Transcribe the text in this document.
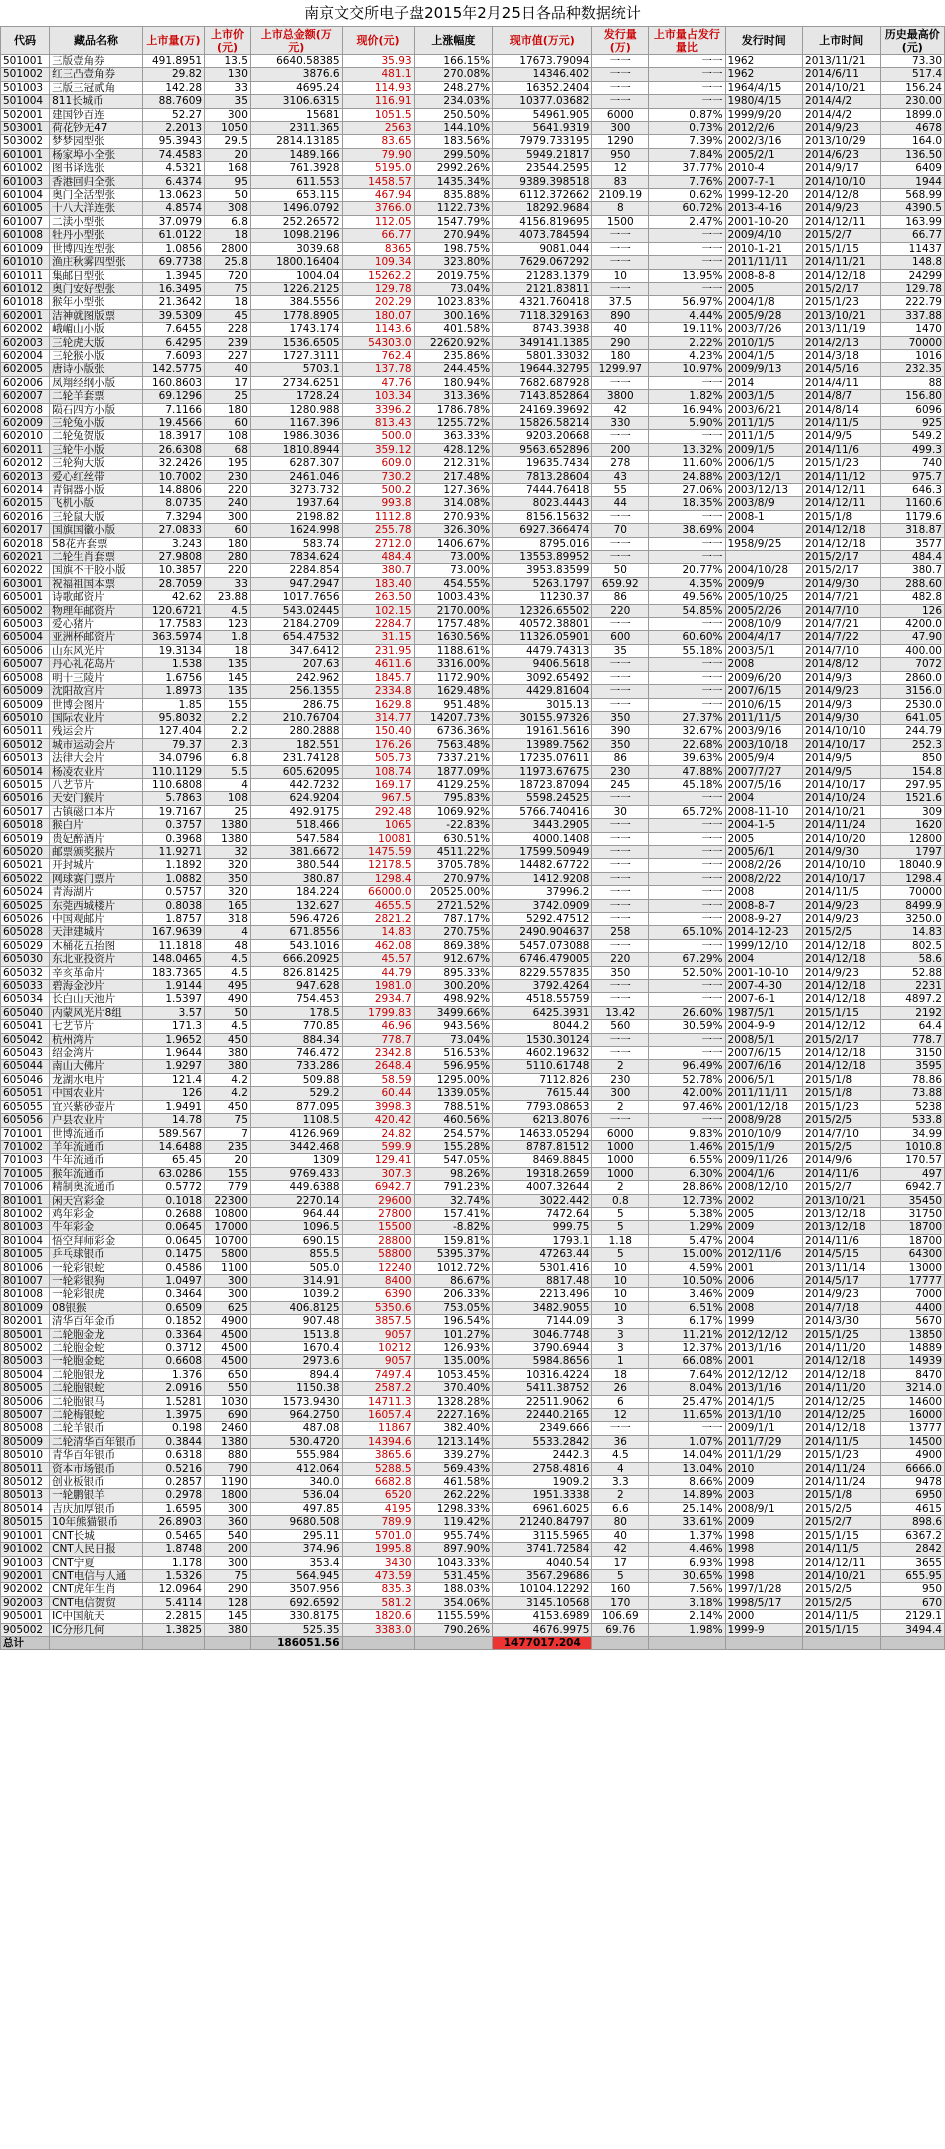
南京文交所电子盘2015年2月25日各品种数据统计
代码	藏品名称	上市量(万)	上市价(元)	上市总金额(万元)	现价(元)	上涨幅度	现市值(万元)	发行量(万)	上市量占发行量比	发行时间	上市时间	历史最高价(元)
501001	三版壹角券	491.8951	13.5	6640.58385	35.93	166.15%	17673.79094	一一	一一	1962	2013/11/21	73.30
501002	红三凸壹角券	29.82	130	3876.6	481.1	270.08%	14346.402	一一	一一	1962	2014/6/11	517.4
501003	三版三冠贰角	142.28	33	4695.24	114.93	248.27%	16352.2404	一一	一一	1964/4/15	2014/10/21	156.24
501004	811长城币	88.7609	35	3106.6315	116.91	234.03%	10377.03682	一一	一一	1980/4/15	2014/4/2	230.00
502001	建国钞百连	52.27	300	15681	1051.5	250.50%	54961.905	6000	0.87%	1999/9/20	2014/4/2	1899.0
503001	荷花钞无47	2.2013	1050	2311.365	2563	144.10%	5641.9319	300	0.73%	2012/2/6	2014/9/23	4678
503002	梦梦园型张	95.3943	29.5	2814.13185	83.65	183.56%	7979.733195	1290	7.39%	2002/3/16	2013/10/29	164.0
601001	杨家埠小全张	74.4583	20	1489.166	79.90	299.50%	5949.21817	950	7.84%	2005/2/1	2014/6/23	136.50
601002	图书译选张	4.5321	168	761.3928	5195.0	2992.26%	23544.2595	12	37.77%	2010-4	2014/9/17	6409
601003	香港回归全张	6.4374	95	611.553	1458.57	1435.34%	9389.398518	83	7.76%	2007-7-1	2014/10/10	1944
601004	奥门全活型张	13.0623	50	653.115	467.94	835.88%	6112.372662	2109.19	0.62%	1999-12-20	2014/12/8	568.99
601005	十八大洋连张	4.8574	308	1496.0792	3766.0	1122.73%	18292.9684	8	60.72%	2013-4-16	2014/9/23	4390.5
601007	二渎小型张	37.0979	6.8	252.26572	112.05	1547.79%	4156.819695	1500	2.47%	2001-10-20	2014/12/11	163.99
601008	牡丹小型张	61.0122	18	1098.2196	66.77	270.94%	4073.784594	一一	一一	2009/4/10	2015/2/7	66.77
601009	世博四连型张	1.0856	2800	3039.68	8365	198.75%	9081.044	一一	一一	2010-1-21	2015/1/15	11437
601010	渔庄秋雾四型张	69.7738	25.8	1800.16404	109.34	323.80%	7629.067292	一一	一一	2011/11/11	2014/11/21	148.8
601011	集邮日型张	1.3945	720	1004.04	15262.2	2019.75%	21283.1379	10	13.95%	2008-8-8	2014/12/18	24299
601012	奥门安好型张	16.3495	75	1226.2125	129.78	73.04%	2121.83811	一一	一一	2005	2015/2/17	129.78
601018	猴年小型张	21.3642	18	384.5556	202.29	1023.83%	4321.760418	37.5	56.97%	2004/1/8	2015/1/23	222.79
602001	洁神就图版票	39.5309	45	1778.8905	180.07	300.16%	7118.329163	890	4.44%	2005/9/28	2013/10/21	337.88
602002	峨嵋山小版	7.6455	228	1743.174	1143.6	401.58%	8743.3938	40	19.11%	2003/7/26	2013/11/19	1470
602003	三轮虎大版	6.4295	239	1536.6505	54303.0	22620.92%	349141.1385	290	2.22%	2010/1/5	2014/2/13	70000
602004	三轮猴小版	7.6093	227	1727.3111	762.4	235.86%	5801.33032	180	4.23%	2004/1/5	2014/3/18	1016
602005	唐诗小版张	142.5775	40	5703.1	137.78	244.45%	19644.32795	1299.97	10.97%	2009/9/13	2014/5/16	232.35
602006	凤翔经纲小版	160.8603	17	2734.6251	47.76	180.94%	7682.687928	一一	一一	2014	2014/4/11	88
602007	二轮羊套票	69.1296	25	1728.24	103.34	313.36%	7143.852864	3800	1.82%	2003/1/5	2014/8/7	156.80
602008	陨石四方小版	7.1166	180	1280.988	3396.2	1786.78%	24169.39692	42	16.94%	2003/6/21	2014/8/14	6096
602009	三轮兔小版	19.4566	60	1167.396	813.43	1255.72%	15826.58214	330	5.90%	2011/1/5	2014/11/5	925
602010	二轮兔贺版	18.3917	108	1986.3036	500.0	363.33%	9203.20668	一一	一一	2011/1/5	2014/9/5	549.2
602011	三轮牛小版	26.6308	68	1810.8944	359.12	428.12%	9563.652896	200	13.32%	2009/1/5	2014/11/6	499.3
602012	三轮狗大版	32.2426	195	6287.307	609.0	212.31%	19635.7434	278	11.60%	2006/1/5	2015/1/23	740
602013	爱心红丝带	10.7002	230	2461.046	730.2	217.48%	7813.28604	43	24.88%	2003/12/1	2014/11/12	975.7
602014	青铜器小版	14.8806	220	3273.732	500.2	127.36%	7444.76418	55	27.06%	2003/12/13	2014/12/11	646.3
602015	飞机小版	8.0735	240	1937.64	993.8	314.08%	8023.4443	44	18.35%	2003/8/9	2014/12/11	1160.6
602016	三轮鼠大版	7.3294	300	2198.82	1112.8	270.93%	8156.15632	一一	一一	2008-1	2015/1/8	1179.6
602017	国旗国徽小版	27.0833	60	1624.998	255.78	326.30%	6927.366474	70	38.69%	2004	2014/12/18	318.87
602018	58花卉套票	3.243	180	583.74	2712.0	1406.67%	8795.016	一一	一一	1958/9/25	2014/12/18	3577
602021	二轮生肖套票	27.9808	280	7834.624	484.4	73.00%	13553.89952	一一	一一		2015/2/17	484.4
602022	国旗不干胶小版	10.3857	220	2284.854	380.7	73.00%	3953.83599	50	20.77%	2004/10/28	2015/2/17	380.7
603001	祝福祖国本票	28.7059	33	947.2947	183.40	454.55%	5263.1797	659.92	4.35%	2009/9	2014/9/30	288.60
605001	诗歌邮资片	42.62	23.88	1017.7656	263.50	1003.43%	11230.37	86	49.56%	2005/10/25	2014/7/21	482.8
605002	物理年邮资片	120.6721	4.5	543.02445	102.15	2170.00%	12326.65502	220	54.85%	2005/2/26	2014/7/10	126
605003	爱心猪片	17.7583	123	2184.2709	2284.7	1757.48%	40572.38801	一一	一一	2008/10/9	2014/7/21	4200.0
605004	亚洲杯邮资片	363.5974	1.8	654.47532	31.15	1630.56%	11326.05901	600	60.60%	2004/4/17	2014/7/22	47.90
605006	山东风光片	19.3134	18	347.6412	231.95	1188.61%	4479.74313	35	55.18%	2003/5/1	2014/7/10	400.00
605007	丹心礼花岛片	1.538	135	207.63	4611.6	3316.00%	9406.5618	一一	一一	2008	2014/8/12	7072
605008	明十三陵片	1.6756	145	242.962	1845.7	1172.90%	3092.65492	一一	一一	2009/6/20	2014/9/3	2860.0
605009	沈阳故宫片	1.8973	135	256.1355	2334.8	1629.48%	4429.81604	一一	一一	2007/6/15	2014/9/23	3156.0
605009	世博会图片	1.85	155	286.75	1629.8	951.48%	3015.13	一一	一一	2010/6/15	2014/9/3	2530.0
605010	国际农业片	95.8032	2.2	210.76704	314.77	14207.73%	30155.97326	350	27.37%	2011/11/5	2014/9/30	641.05
605011	残运会片	127.404	2.2	280.2888	150.40	6736.36%	19161.5616	390	32.67%	2003/9/16	2014/10/10	244.79
605012	城市运动会片	79.37	2.3	182.551	176.26	7563.48%	13989.7562	350	22.68%	2003/10/18	2014/10/17	252.3
605013	法律大会片	34.0796	6.8	231.74128	505.73	7337.21%	17235.07611	86	39.63%	2005/9/4	2014/9/5	850
605014	杨凌农业片	110.1129	5.5	605.62095	108.74	1877.09%	11973.67675	230	47.88%	2007/7/27	2014/9/5	154.8
605015	八艺节片	110.6808	4	442.7232	169.17	4129.25%	18723.87094	245	45.18%	2007/5/16	2014/10/17	297.95
605016	天安门猴片	5.7863	108	624.9204	967.5	795.83%	5598.24525	一一	一一	2004	2014/10/24	1521.6
605017	古镇磁口本片	19.7167	25	492.9175	292.48	1069.92%	5766.740416	30	65.72%	2008-11-10	2014/10/21	309
605018	猴白片	0.3757	1380	518.466	1065	-22.83%	3443.2905	一一	一一	2004-1-5	2014/11/24	1620
605019	贵妃醉酒片	0.3968	1380	547.584	10081	630.51%	4000.1408	一一	一一	2005	2014/10/20	12800
605020	邮票颁奖猴片	11.9271	32	381.6672	1475.59	4511.22%	17599.50949	一一	一一	2005/6/1	2014/9/30	1797
605021	开封城片	1.1892	320	380.544	12178.5	3705.78%	14482.67722	一一	一一	2008/2/26	2014/10/10	18040.9
605022	网球赛门票片	1.0882	350	380.87	1298.4	270.97%	1412.9208	一一	一一	2008/2/22	2014/10/17	1298.4
605024	青海湖片	0.5757	320	184.224	66000.0	20525.00%	37996.2	一一	一一	2008	2014/11/5	70000
605025	东莞西城楼片	0.8038	165	132.627	4655.5	2721.52%	3742.0909	一一	一一	2008-8-7	2014/9/23	8499.9
605026	中国观邮片	1.8757	318	596.4726	2821.2	787.17%	5292.47512	一一	一一	2008-9-27	2014/9/23	3250.0
605028	天津建城片	167.9639	4	671.8556	14.83	270.75%	2490.904637	258	65.10%	2014-12-23	2015/2/5	14.83
605029	木桶花五抬图	11.1818	48	543.1016	462.08	869.38%	5457.073088	一一	一一	1999/12/10	2014/12/18	802.5
605030	东北亚投资片	148.0465	4.5	666.20925	45.57	912.67%	6746.479005	220	67.29%	2004	2014/12/18	58.6
605032	辛亥革命片	183.7365	4.5	826.81425	44.79	895.33%	8229.557835	350	52.50%	2001-10-10	2014/9/23	52.88
605033	碧海金沙片	1.9144	495	947.628	1981.0	300.20%	3792.4264	一一	一一	2007-4-30	2014/12/18	2231
605034	长白山天池片	1.5397	490	754.453	2934.7	498.92%	4518.55759	一一	一一	2007-6-1	2014/12/18	4897.2
605040	内蒙风光片8组	3.57	50	178.5	1799.83	3499.66%	6425.3931	13.42	26.60%	1987/5/1	2015/1/15	2192
605041	七艺节片	171.3	4.5	770.85	46.96	943.56%	8044.2	560	30.59%	2004-9-9	2014/12/12	64.4
605042	杭州湾片	1.9652	450	884.34	778.7	73.04%	1530.30124	一一	一一	2008/5/1	2015/2/17	778.7
605043	绍金湾片	1.9644	380	746.472	2342.8	516.53%	4602.19632	一一	一一	2007/6/15	2014/12/18	3150
605044	南山大佛片	1.9297	380	733.286	2648.4	596.95%	5110.61748	2	96.49%	2007/6/16	2014/12/18	3595
605046	龙湖水电片	121.4	4.2	509.88	58.59	1295.00%	7112.826	230	52.78%	2006/5/1	2015/1/8	78.86
605051	中国农业片	126	4.2	529.2	60.44	1339.05%	7615.44	300	42.00%	2011/11/11	2015/1/8	73.88
605055	宜兴紫砂壶片	1.9491	450	877.095	3998.3	788.51%	7793.08653	2	97.46%	2001/12/18	2015/1/23	5238
605056	户县农业片	14.78	75	1108.5	420.42	460.56%	6213.8076	一一	一一	2008/9/28	2015/2/5	533.8
701001	世博流通币	589.567	7	4126.969	24.82	254.57%	14633.05294	6000	9.83%	2010/10/9	2014/7/10	34.99
701002	羊年流通币	14.6488	235	3442.468	599.9	155.28%	8787.81512	1000	1.46%	2015/1/9	2015/2/5	1010.8
701003	牛年流通币	65.45	20	1309	129.41	547.05%	8469.8845	1000	6.55%	2009/11/26	2014/9/6	170.57
701005	猴年流通币	63.0286	155	9769.433	307.3	98.26%	19318.2659	1000	6.30%	2004/1/6	2014/11/6	497
701006	精制奥流通币	0.5772	779	449.6388	6942.7	791.23%	4007.32644	2	28.86%	2008/12/10	2015/2/7	6942.7
801001	闲天宫彩金	0.1018	22300	2270.14	29600	32.74%	3022.442	0.8	12.73%	2002	2013/10/21	35450
801002	鸡年彩金	0.2688	10800	964.44	27800	157.41%	7472.64	5	5.38%	2005	2013/12/18	31750
801003	牛年彩金	0.0645	17000	1096.5	15500	-8.82%	999.75	5	1.29%	2009	2013/12/18	18700
801004	悟空拜师彩金	0.0645	10700	690.15	28800	159.81%	1793.1	1.18	5.47%	2004	2014/11/6	18700
801005	乒乓球银币	0.1475	5800	855.5	58800	5395.37%	47263.44	5	15.00%	2012/11/6	2014/5/15	64300
801006	一轮彩银蛇	0.4586	1100	505.0	12240	1012.72%	5301.416	10	4.59%	2001	2013/11/14	13000
801007	一轮彩银狗	1.0497	300	314.91	8400	86.67%	8817.48	10	10.50%	2006	2014/5/17	17777
801008	一轮彩银虎	0.3464	300	1039.2	6390	206.33%	2213.496	10	3.46%	2009	2014/9/23	7000
801009	08银猴	0.6509	625	406.8125	5350.6	753.05%	3482.9055	10	6.51%	2008	2014/7/18	4400
802001	清华百年金币	0.1852	4900	907.48	3857.5	196.54%	7144.09	3	6.17%	1999	2014/3/30	5670
805001	二轮胞金龙	0.3364	4500	1513.8	9057	101.27%	3046.7748	3	11.21%	2012/12/12	2015/1/25	13850
805002	二轮胞金蛇	0.3712	4500	1670.4	10212	126.93%	3790.6944	3	12.37%	2013/1/16	2014/11/20	14889
805003	一轮胞金蛇	0.6608	4500	2973.6	9057	135.00%	5984.8656	1	66.08%	2001	2014/12/18	14939
805004	二轮胞银龙	1.376	650	894.4	7497.4	1053.45%	10316.4224	18	7.64%	2012/12/12	2014/12/18	8470
805005	二轮胞银蛇	2.0916	550	1150.38	2587.2	370.40%	5411.38752	26	8.04%	2013/1/16	2014/11/20	3214.0
805006	二轮胞银马	1.5281	1030	1573.9430	14711.3	1328.28%	22511.9062	6	25.47%	2014/1/5	2014/12/25	14600
805007	二轮梅银蛇	1.3975	690	964.2750	16057.4	2227.16%	22440.2165	12	11.65%	2013/1/10	2014/12/25	16000
805008	二轮羊银币	0.198	2460	487.08	11867	382.40%	2349.666	一一	一一	2009/1/1	2014/12/18	13777
805009	二轮清华百年银币	0.3844	1380	530.4720	14394.6	1213.14%	5533.2842	36	1.07%	2011/7/29	2014/11/5	14500
805010	青华百年银币	0.6318	880	555.984	3865.6	339.27%	2442.3	4.5	14.04%	2011/1/29	2015/1/23	4900
805011	资本市场银币	0.5216	790	412.064	5288.5	569.43%	2758.4816	4	13.04%	2010	2014/11/24	6666.0
805012	创业板银币	0.2857	1190	340.0	6682.8	461.58%	1909.2	3.3	8.66%	2009	2014/11/24	9478
805013	一轮鹏银羊	0.2978	1800	536.04	6520	262.22%	1951.3338	2	14.89%	2003	2015/1/8	6950
805014	吉庆加厚银币	1.6595	300	497.85	4195	1298.33%	6961.6025	6.6	25.14%	2008/9/1	2015/2/5	4615
805015	10年熊猫银币	26.8903	360	9680.508	789.9	119.42%	21240.84797	80	33.61%	2009	2015/2/7	898.6
901001	CNT长城	0.5465	540	295.11	5701.0	955.74%	3115.5965	40	1.37%	1998	2015/1/15	6367.2
901002	CNT人民日报	1.8748	200	374.96	1995.8	897.90%	3741.72584	42	4.46%	1998	2014/11/5	2842
901003	CNT宁夏	1.178	300	353.4	3430	1043.33%	4040.54	17	6.93%	1998	2014/12/11	3655
902001	CNT电信与人通	1.5326	75	564.945	473.59	531.45%	3567.29686	5	30.65%	1998	2014/10/21	655.95
902002	CNT虎年生肖	12.0964	290	3507.956	835.3	188.03%	10104.12292	160	7.56%	1997/1/28	2015/2/5	950
902003	CNT电信贺贸	5.4114	128	692.6592	581.2	354.06%	3145.10568	170	3.18%	1998/5/17	2015/2/5	670
905001	IC中国航天	2.2815	145	330.8175	1820.6	1155.59%	4153.6989	106.69	2.14%	2000	2014/11/5	2129.1
905002	IC分形几何	1.3825	380	525.35	3383.0	790.26%	4676.9975	69.76	1.98%	1999-9	2015/1/15	3494.4
总计				186051.56			1477017.204					
